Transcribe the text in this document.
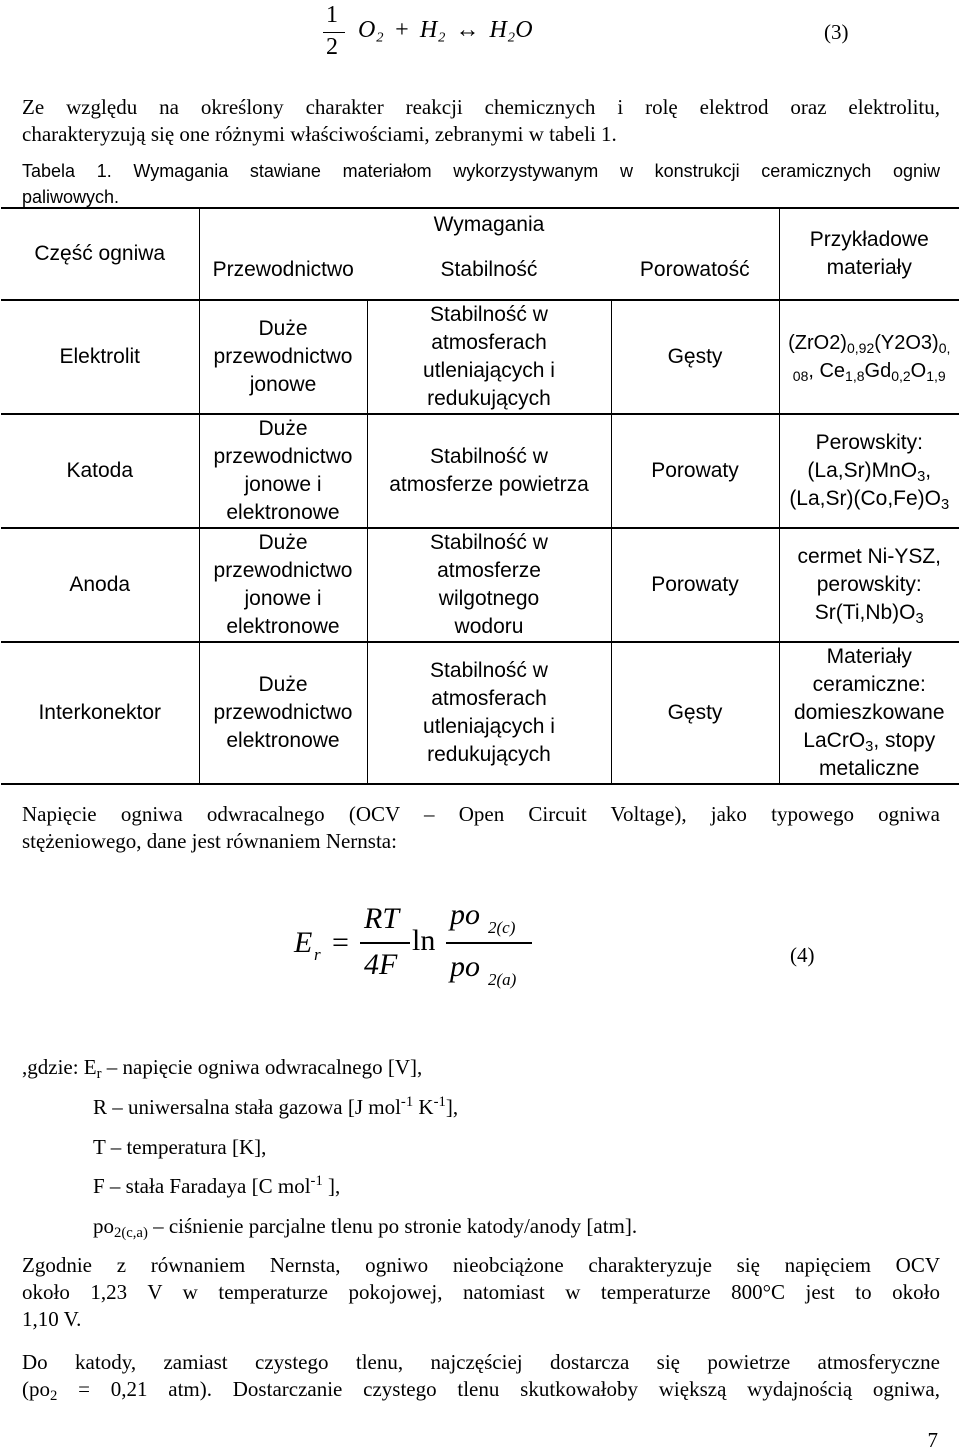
1
2
O₂ + H₂ ↔ H₂O	(3)
Ze względu na określony charakter reakcji chemicznych i rolę elektrod oraz elektrolitu,
charakteryzują się one różnymi właściwościami, zebranymi w tabeli 1.
Tabela 1. Wymagania stawiane materiałom wykorzystywanym w konstrukcji ceramicznych ogniw
paliwowych.
Część ogniwa	Wymagania			Przykładowe materiały
	Przewodnictwo	Stabilność	Porowatość	
Elektrolit	Duże przewodnictwo jonowe	Stabilność w atmosferach utleniających i redukujących	Gęsty	$(ZrO2)_{0,92}(Y2O3)_{0,}$
$_{08}$, $Ce_{1,8}Gd_{0,2}O_{1,9}$
Katoda	Duże przewodnictwo jonowe i elektronowe	Stabilność w atmosferze powietrza	Porowaty	Perowskity:
(La,Sr)MnO$_3$,
$(La,Sr)(Co,Fe)O_3$
Anoda	Duże przewodnictwo jonowe i elektronowe	Stabilność w atmosferze wilgotnego wodoru	Porowaty	cermet Ni-YSZ,
perowskity:
$Sr(Ti,Nb)O_3$
Interkonektor	Duże przewodnictwo elektronowe	Stabilność w atmosferach utleniających i redukujących	Gęsty	Materiały
ceramiczne:
domieszkowane
LaCrO$_3$, stopy
metaliczne
Napięcie ogniwa odwracalnego (OCV – Open Circuit Voltage), jako typowego ogniwa
stężeniowego, dane jest równaniem Nernsta:
E r =
RT
4F
ln
po 2(c)
po 2(a)
(4)
,gdzie: $E_r$ – napięcie ogniwa odwracalnego [V],
R – uniwersalna stała gazowa [J mol$^{-1}$ $K^{-1}$],
T – temperatura [K],
F – stała Faradaya [C mol$^{-1}$ ],
$po_{2(c,a)}$ – ciśnienie parcjalne tlenu po stronie katody/anody [atm].
Zgodnie z równaniem Nernsta, ogniwo nieobciążone charakteryzuje się napięciem OCV
około 1,23 V w temperaturze pokojowej, natomiast w temperaturze 800°C jest to około
1,10 V.
Do katody, zamiast czystego tlenu, najczęściej dostarcza się powietrze atmosferyczne
($po_2 = 0,21$ atm). Dostarczanie czystego tlenu skutkowałoby większą wydajnością ogniwa,
7
